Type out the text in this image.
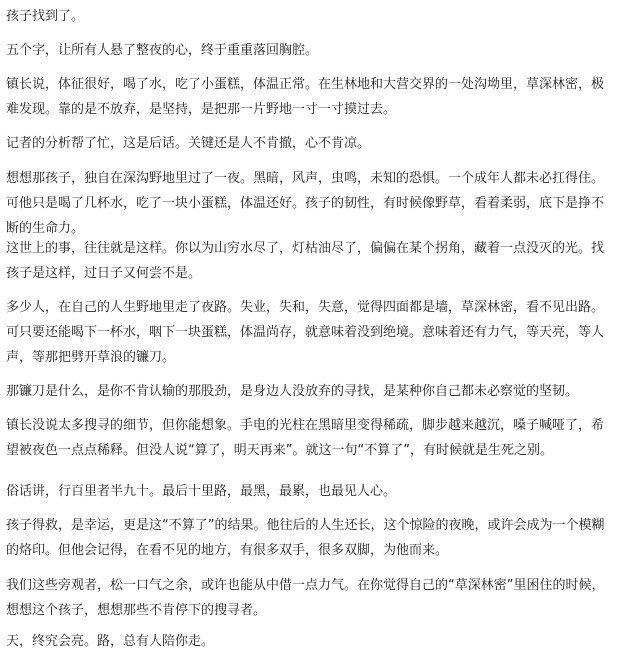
孩子找到了。

五个字，让所有人悬了整夜的心，终于重重落回胸腔。

镇长说，体征很好，喝了水，吃了小蛋糕，体温正常。在生林地和大营交界的一处沟坳里，草深林密，极难发现。靠的是不放弃，是坚持，是把那一片野地一寸一寸摸过去。

记者的分析帮了忙，这是后话。关键还是人不肯撤，心不肯凉。

想想那孩子，独自在深沟野地里过了一夜。黑暗，风声，虫鸣，未知的恐惧。一个成年人都未必扛得住。可他只是喝了几杯水，吃了一块小蛋糕，体温还好。孩子的韧性，有时候像野草，看着柔弱，底下是挣不断的生命力。

这世上的事，往往就是这样。你以为山穷水尽了，灯枯油尽了，偏偏在某个拐角，藏着一点没灭的光。找孩子是这样，过日子又何尝不是。

多少人，在自己的人生野地里走了夜路。失业，失和，失意，觉得四面都是墙，草深林密，看不见出路。可只要还能喝下一杯水，咽下一块蛋糕，体温尚存，就意味着没到绝境。意味着还有力气，等天亮，等人声，等那把劈开草浪的镰刀。

那镰刀是什么，是你不肯认输的那股劲，是身边人没放弃的寻找，是某种你自己都未必察觉的坚韧。

镇长没说太多搜寻的细节，但你能想象。手电的光柱在黑暗里变得稀疏，脚步越来越沉，嗓子喊哑了，希望被夜色一点点稀释。但没人说“算了，明天再来”。就这一句“不算了”，有时候就是生死之别。

俗话讲，行百里者半九十。最后十里路，最黑，最累，也最见人心。

孩子得救，是幸运，更是这“不算了”的结果。他往后的人生还长，这个惊险的夜晚，或许会成为一个模糊的烙印。但他会记得，在看不见的地方，有很多双手，很多双脚，为他而来。

我们这些旁观者，松一口气之余，或许也能从中借一点力气。在你觉得自己的“草深林密”里困住的时候，想想这个孩子，想想那些不肯停下的搜寻者。

天，终究会亮。路，总有人陪你走。
